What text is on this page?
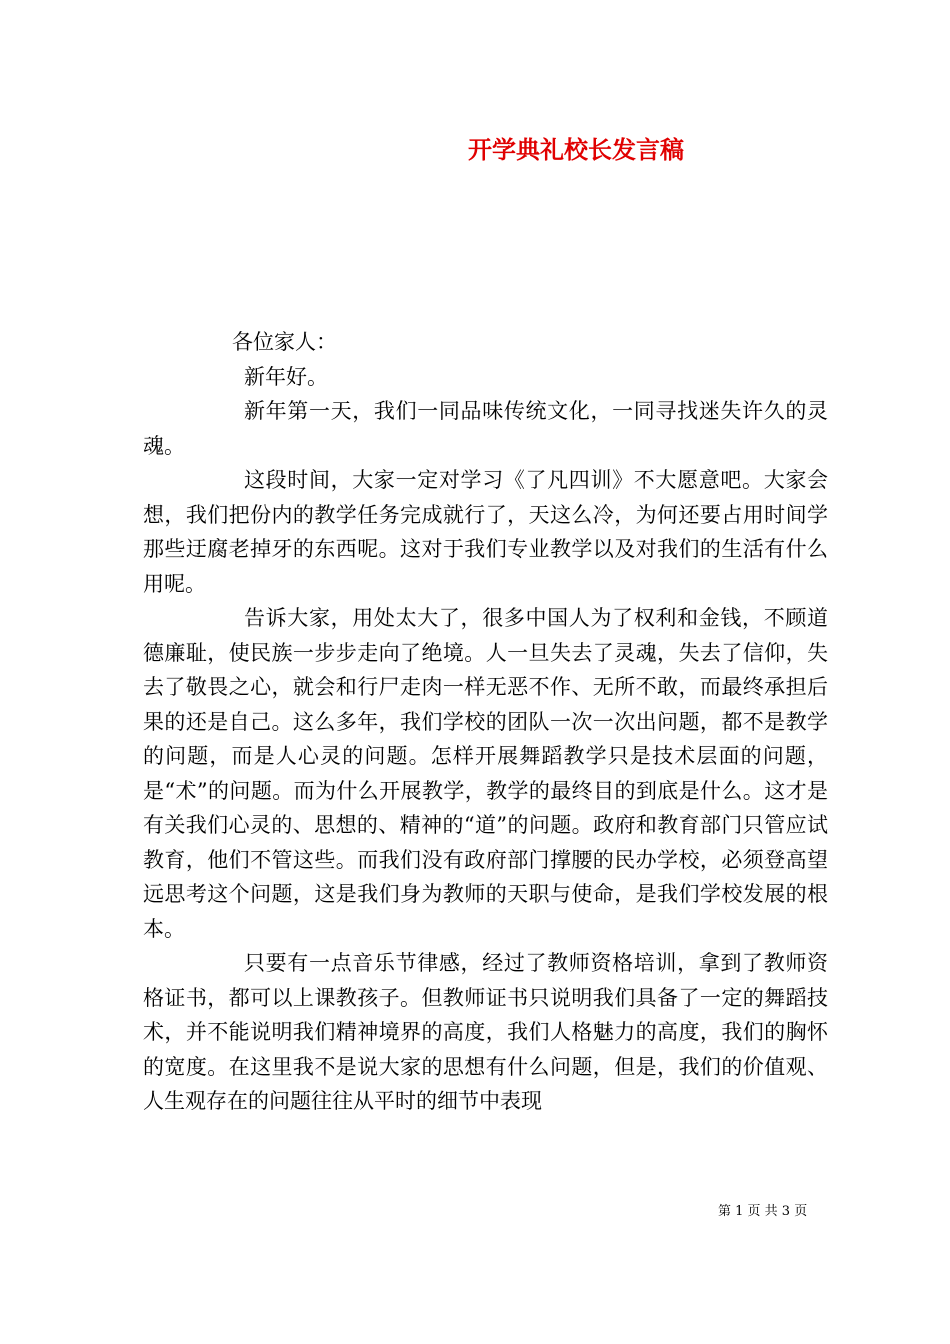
开学典礼校长发言稿

各位家人：

新年好。

新年第一天，我们一同品味传统文化，一同寻找迷失许久的灵魂。

这段时间，大家一定对学习《了凡四训》不大愿意吧。大家会想，我们把份内的教学任务完成就行了，天这么冷，为何还要占用时间学那些迂腐老掉牙的东西呢。这对于我们专业教学以及对我们的生活有什么用呢。

告诉大家，用处太大了，很多中国人为了权利和金钱，不顾道德廉耻，使民族一步步走向了绝境。人一旦失去了灵魂，失去了信仰，失去了敬畏之心，就会和行尸走肉一样无恶不作、无所不敢，而最终承担后果的还是自己。这么多年，我们学校的团队一次一次出问题，都不是教学的问题，而是人心灵的问题。怎样开展舞蹈教学只是技术层面的问题，是“术”的问题。而为什么开展教学，教学的最终目的到底是什么。这才是有关我们心灵的、思想的、精神的“道”的问题。政府和教育部门只管应试教育，他们不管这些。而我们没有政府部门撑腰的民办学校，必须登高望远思考这个问题，这是我们身为教师的天职与使命，是我们学校发展的根本。

只要有一点音乐节律感，经过了教师资格培训，拿到了教师资格证书，都可以上课教孩子。但教师证书只说明我们具备了一定的舞蹈技术，并不能说明我们精神境界的高度，我们人格魅力的高度，我们的胸怀的宽度。在这里我不是说大家的思想有什么问题，但是，我们的价值观、人生观存在的问题往往从平时的细节中表现

第 1 页 共 3 页
